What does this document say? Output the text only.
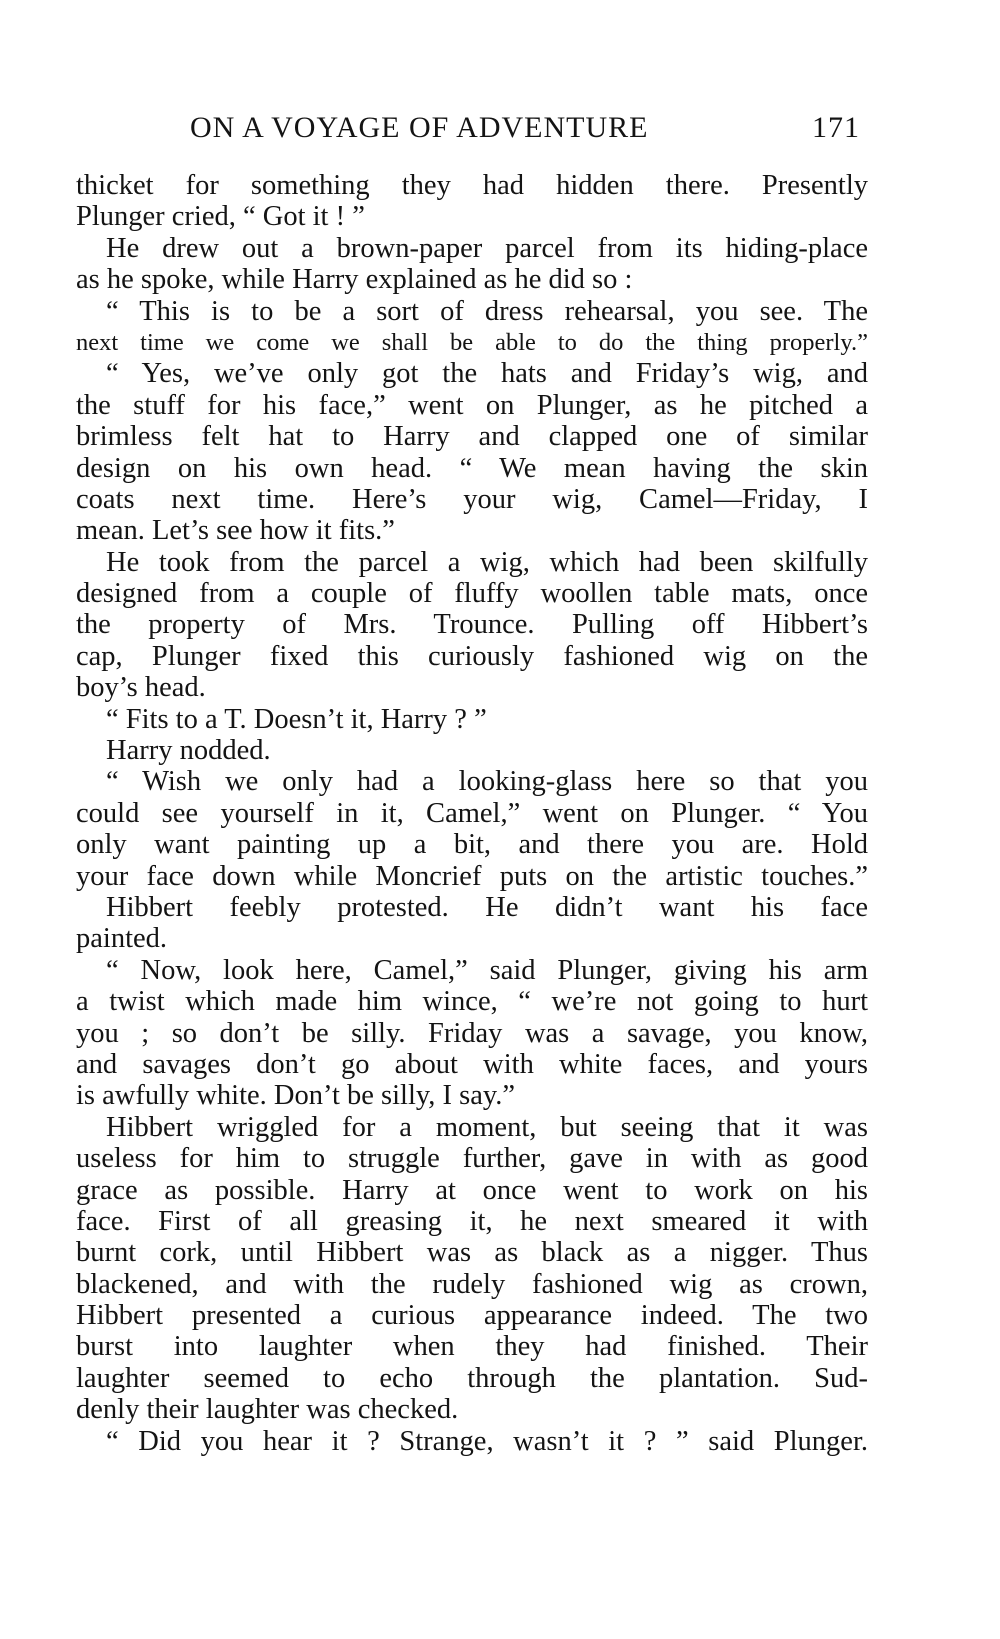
ON A VOYAGE OF ADVENTURE	171
thicket for something they had hidden there. Presently
Plunger cried, “ Got it ! ”
He drew out a brown-paper parcel from its hiding-place
as he spoke, while Harry explained as he did so :
“ This is to be a sort of dress rehearsal, you see. The
next time we come we shall be able to do the thing properly.”
“ Yes, we’ve only got the hats and Friday’s wig, and
the stuff for his face,” went on Plunger, as he pitched a
brimless felt hat to Harry and clapped one of similar
design on his own head. “ We mean having the skin
coats next time. Here’s your wig, Camel—Friday, I
mean. Let’s see how it fits.”
He took from the parcel a wig, which had been skilfully
designed from a couple of fluffy woollen table mats, once
the property of Mrs. Trounce. Pulling off Hibbert’s
cap, Plunger fixed this curiously fashioned wig on the
boy’s head.
“ Fits to a T. Doesn’t it, Harry ? ”
Harry nodded.
“ Wish we only had a looking-glass here so that you
could see yourself in it, Camel,” went on Plunger. “ You
only want painting up a bit, and there you are. Hold
your face down while Moncrief puts on the artistic touches.”
Hibbert feebly protested. He didn’t want his face
painted.
“ Now, look here, Camel,” said Plunger, giving his arm
a twist which made him wince, “ we’re not going to hurt
you ; so don’t be silly. Friday was a savage, you know,
and savages don’t go about with white faces, and yours
is awfully white. Don’t be silly, I say.”
Hibbert wriggled for a moment, but seeing that it was
useless for him to struggle further, gave in with as good
grace as possible. Harry at once went to work on his
face. First of all greasing it, he next smeared it with
burnt cork, until Hibbert was as black as a nigger. Thus
blackened, and with the rudely fashioned wig as crown,
Hibbert presented a curious appearance indeed. The two
burst into laughter when they had finished. Their
laughter seemed to echo through the plantation. Sud-
denly their laughter was checked.
“ Did you hear it ? Strange, wasn’t it ? ” said Plunger.
